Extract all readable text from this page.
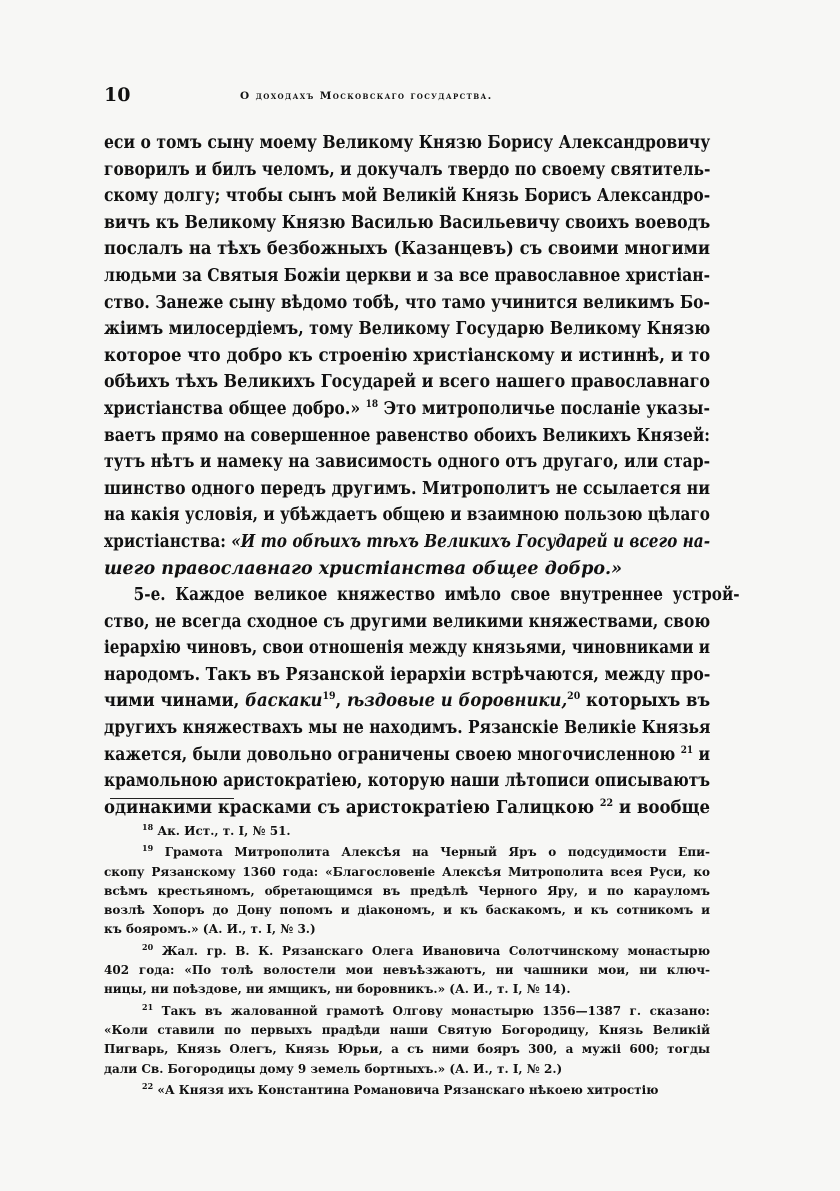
10	О доходахъ Московскаго государства.
еси о томъ сыну моему Великому Князю Борису Александровичу
говорилъ и билъ челомъ, и докучалъ твердо по своему святитель-
скому долгу; чтобы сынъ мой Великій Князь Борисъ Александро-
вичъ къ Великому Князю Василью Васильевичу своихъ воеводъ
послалъ на тѣхъ безбожныхъ (Казанцевъ) съ своими многими
людьми за Святыя Божіи церкви и за все православное христіан-
ство. Занеже сыну вѣдомо тобѣ, что тамо учинится великимъ Бо-
жіимъ милосердіемъ, тому Великому Государю Великому Князю
которое что добро къ строенію христіанскому и истиннѣ, и то
обѣихъ тѣхъ Великихъ Государей и всего нашего православнаго
христіанства общее добро.» $^{18}$ Это митрополичье посланіе указы-
ваетъ прямо на совершенное равенство обоихъ Великихъ Князей:
тутъ нѣтъ и намеку на зависимость одного отъ другаго, или стар-
шинство одного передъ другимъ. Митрополитъ не ссылается ни
на какія условія, и убѣждаетъ общею и взаимною пользою цѣлаго
христіанства: «И то обѣихъ тѣхъ Великихъ Государей и всего на-
шего православнаго христіанства общее добро.»
5-е. Каждое великое княжество имѣло свое внутреннее устрой-
ство, не всегда сходное съ другими великими княжествами, свою
іерархію чиновъ, свои отношенія между князьями, чиновниками и
народомъ. Такъ въ Рязанской іерархіи встрѣчаются, между про-
чими чинами, баскаки$^{19}$, ѣздовые и боровники,$^{20}$ которыхъ въ
другихъ княжествахъ мы не находимъ. Рязанскіе Великіе Князья
кажется, были довольно ограничены своею многочисленною $^{21}$ и
крамольною аристократіею, которую наши лѣтописи описываютъ
одинакими красками съ аристократіею Галицкою $^{22}$ и вообще
$^{18}$ Ак. Ист., т. I, № 51.
$^{19}$ Грамота Митрополита Алексѣя на Черный Яръ о подсудимости Епи-
скопу Рязанскому 1360 года: «Благословеніе Алексѣя Митрополита всея Руси, ко
всѣмъ крестьяномъ, обретающимся въ предѣлѣ Черного Яру, и по карауломъ
возлѣ Хопоръ до Дону попомъ и діакономъ, и къ баскакомъ, и къ сотникомъ и
къ бояромъ.» (А. И., т. I, № 3.)
$^{20}$ Жал. гр. В. К. Рязанскаго Олега Ивановича Солотчинскому монастырю
402 года: «По толѣ волостели мои невъѣзжаютъ, ни чашники мои, ни ключ-
ницы, ни поѣздове, ни ямщикъ, ни боровникъ.» (А. И., т. I, № 14).
$^{21}$ Такъ въ жалованной грамотѣ Олгову монастырю 1356—1387 г. сказано:
«Коли ставили по первыхъ прадѣди наши Святую Богородицу, Князь Великій
Пигварь, Князь Олегъ, Князь Юрьи, а съ ними бояръ 300, а мужіі 600; тогды
дали Св. Богородицы дому 9 земель бортныхъ.» (А. И., т. I, № 2.)
$^{22}$ «А Князя ихъ Константина Романовича Рязанскаго нѣкоею хитростію
